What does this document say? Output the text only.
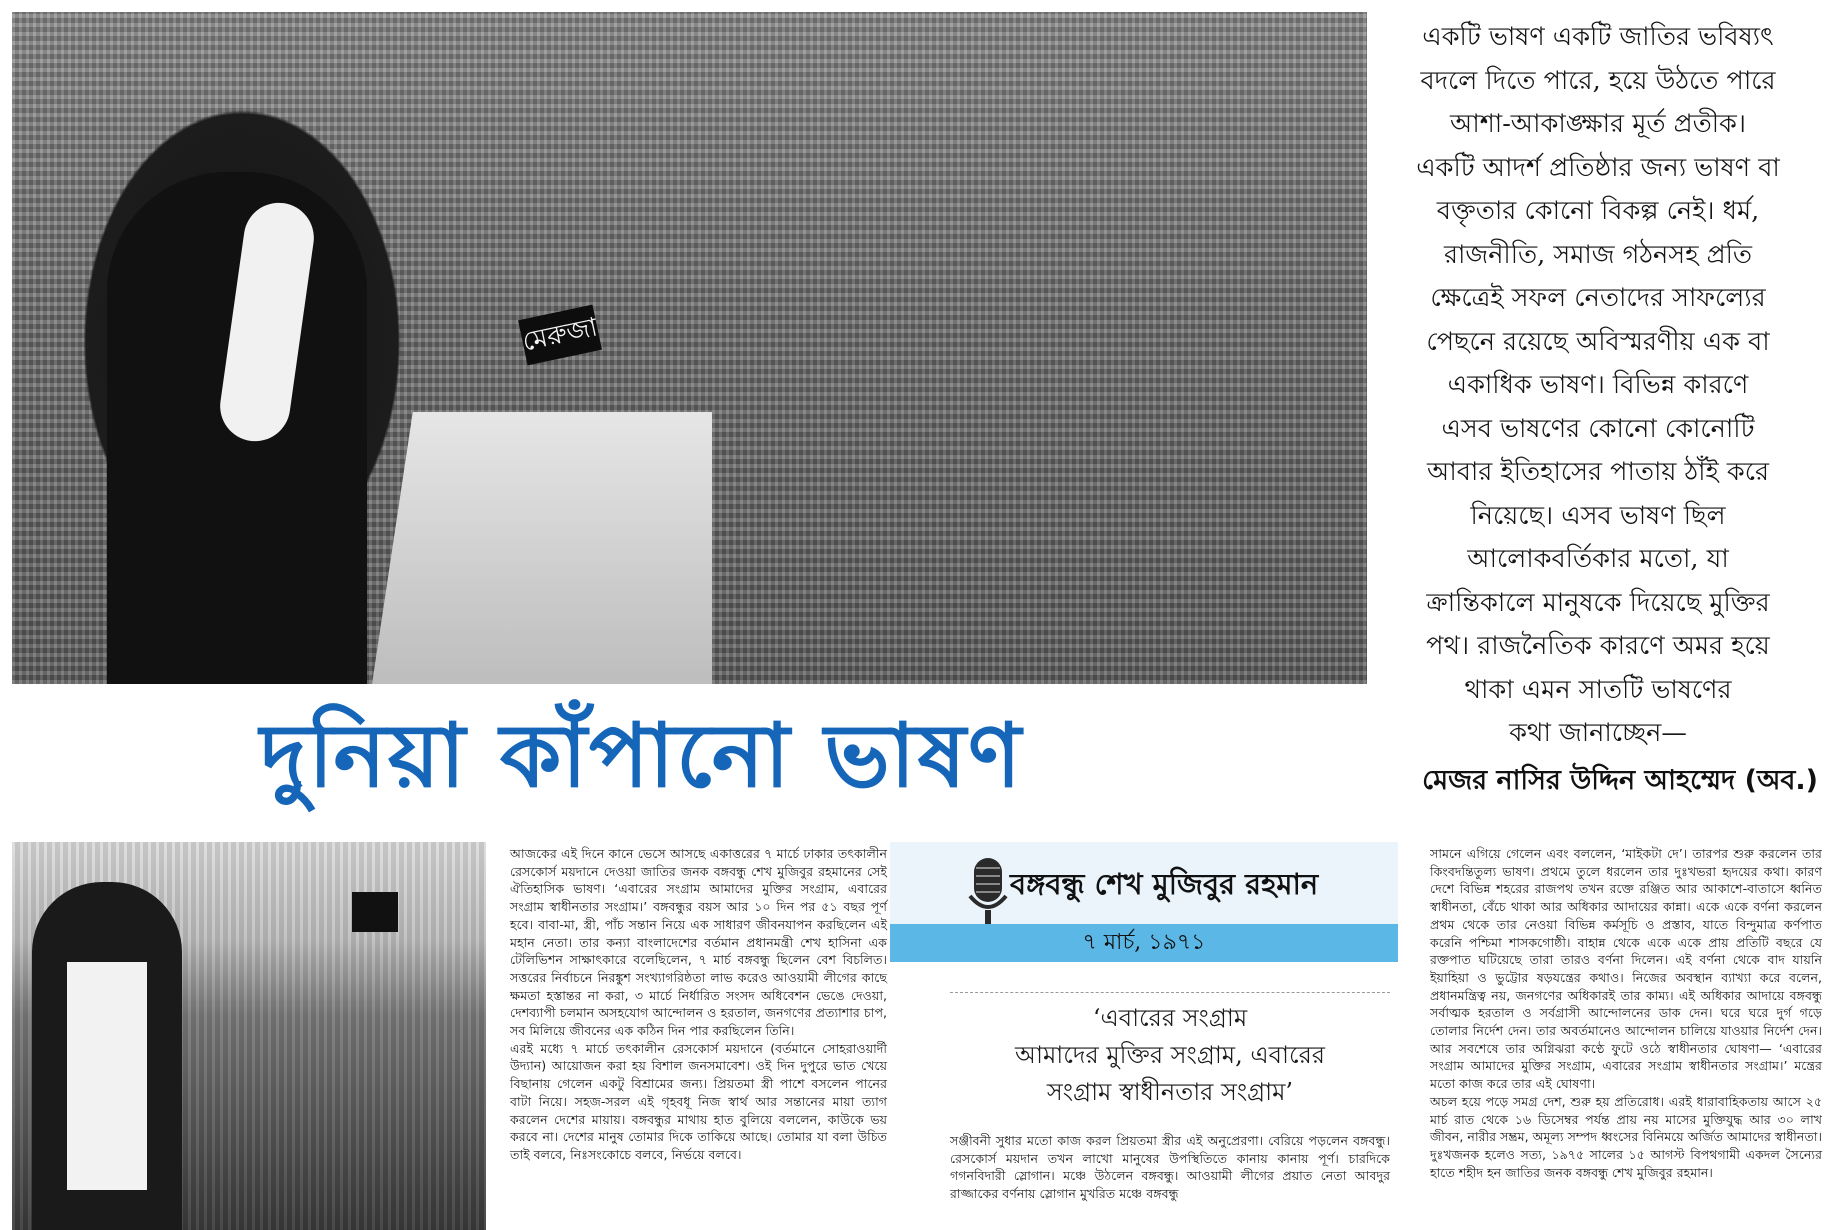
মেরুজা
একটি ভাষণ একটি জাতির ভবিষ্যৎ
বদলে দিতে পারে, হয়ে উঠতে পারে
আশা-আকাঙ্ক্ষার মূর্ত প্রতীক।
একটি আদর্শ প্রতিষ্ঠার জন্য ভাষণ বা
বক্তৃতার কোনো বিকল্প নেই। ধর্ম,
রাজনীতি, সমাজ গঠনসহ প্রতি
ক্ষেত্রেই সফল নেতাদের সাফল্যের
পেছনে রয়েছে অবিস্মরণীয় এক বা
একাধিক ভাষণ। বিভিন্ন কারণে
এসব ভাষণের কোনো কোনোটি
আবার ইতিহাসের পাতায় ঠাঁই করে
নিয়েছে। এসব ভাষণ ছিল
আলোকবর্তিকার মতো, যা
ক্রান্তিকালে মানুষকে দিয়েছে মুক্তির
পথ। রাজনৈতিক কারণে অমর হয়ে
থাকা এমন সাতটি ভাষণের
কথা জানাচ্ছেন—
মেজর নাসির উদ্দিন আহম্মেদ (অব.)
দুনিয়া কাঁপানো ভাষণ

আজকের এই দিনে কানে ভেসে আসছে একাত্তরের ৭ মার্চে ঢাকার তৎকালীন রেসকোর্স ময়দানে দেওয়া জাতির জনক বঙ্গবন্ধু শেখ মুজিবুর রহমানের সেই ঐতিহাসিক ভাষণ। ‘এবারের সংগ্রাম আমাদের মুক্তির সংগ্রাম, এবারের সংগ্রাম স্বাধীনতার সংগ্রাম।’ বঙ্গবন্ধুর বয়স আর ১০ দিন পর ৫১ বছর পূর্ণ হবে। বাবা-মা, স্ত্রী, পাঁচ সন্তান নিয়ে এক সাধারণ জীবনযাপন করছিলেন এই মহান নেতা। তার কন্যা বাংলাদেশের বর্তমান প্রধানমন্ত্রী শেখ হাসিনা এক টেলিভিশন সাক্ষাৎকারে বলেছিলেন, ৭ মার্চ বঙ্গবন্ধু ছিলেন বেশ বিচলিত। সত্তরের নির্বাচনে নিরঙ্কুশ সংখ্যাগরিষ্ঠতা লাভ করেও আওয়ামী লীগের কাছে ক্ষমতা হস্তান্তর না করা, ৩ মার্চে নির্ধারিত সংসদ অধিবেশন ভেঙে দেওয়া, দেশব্যাপী চলমান অসহযোগ আন্দোলন ও হরতাল, জনগণের প্রত্যাশার চাপ, সব মিলিয়ে জীবনের এক কঠিন দিন পার করছিলেন তিনি।

এরই মধ্যে ৭ মার্চে তৎকালীন রেসকোর্স ময়দানে (বর্তমানে সোহরাওয়ার্দী উদ্যান) আয়োজন করা হয় বিশাল জনসমাবেশ। ওই দিন দুপুরে ভাত খেয়ে বিছানায় গেলেন একটু বিশ্রামের জন্য। প্রিয়তমা স্ত্রী পাশে বসলেন পানের বাটা নিয়ে। সহজ-সরল এই গৃহবধূ নিজ স্বার্থ আর সন্তানের মায়া ত্যাগ করলেন দেশের মায়ায়। বঙ্গবন্ধুর মাথায় হাত বুলিয়ে বললেন, কাউকে ভয় করবে না। দেশের মানুষ তোমার দিকে তাকিয়ে আছে। তোমার যা বলা উচিত তাই বলবে, নিঃসংকোচে বলবে, নির্ভয়ে বলবে।

বঙ্গবন্ধু শেখ মুজিবুর রহমান
৭ মার্চ, ১৯৭১
‘এবারের সংগ্রাম
আমাদের মুক্তির সংগ্রাম, এবারের
সংগ্রাম স্বাধীনতার সংগ্রাম’

সঞ্জীবনী সুধার মতো কাজ করল প্রিয়তমা স্ত্রীর এই অনুপ্রেরণা। বেরিয়ে পড়লেন বঙ্গবন্ধু। রেসকোর্স ময়দান তখন লাখো মানুষের উপস্থিতিতে কানায় কানায় পূর্ণ। চারদিকে গগনবিদারী স্লোগান। মঞ্চে উঠলেন বঙ্গবন্ধু। আওয়ামী লীগের প্রয়াত নেতা আবদুর রাজ্জাকের বর্ণনায় স্লোগান মুখরিত মঞ্চে বঙ্গবন্ধু

সামনে এগিয়ে গেলেন এবং বললেন, ‘মাইকটা দে’। তারপর শুরু করলেন তার কিংবদন্তিতুল্য ভাষণ। প্রথমে তুলে ধরলেন তার দুঃখভরা হৃদয়ের কথা। কারণ দেশে বিভিন্ন শহরের রাজপথ তখন রক্তে রঞ্জিত আর আকাশে-বাতাসে ধ্বনিত স্বাধীনতা, বেঁচে থাকা আর অধিকার আদায়ের কান্না। একে একে বর্ণনা করলেন প্রথম থেকে তার নেওয়া বিভিন্ন কর্মসূচি ও প্রস্তাব, যাতে বিন্দুমাত্র কর্ণপাত করেনি পশ্চিমা শাসকগোষ্ঠী। বাহান্ন থেকে একে একে প্রায় প্রতিটি বছরে যে রক্তপাত ঘটিয়েছে তারা তারও বর্ণনা দিলেন। এই বর্ণনা থেকে বাদ যায়নি ইয়াহিয়া ও ভুট্টোর ষড়যন্ত্রের কথাও। নিজের অবস্থান ব্যাখ্যা করে বলেন, প্রধানমন্ত্রিত্ব নয়, জনগণের অধিকারই তার কাম্য। এই অধিকার আদায়ে বঙ্গবন্ধু সর্বাত্মক হরতাল ও সর্বগ্রাসী আন্দোলনের ডাক দেন। ঘরে ঘরে দুর্গ গড়ে তোলার নির্দেশ দেন। তার অবর্তমানেও আন্দোলন চালিয়ে যাওয়ার নির্দেশ দেন। আর সবশেষে তার অগ্নিঝরা কণ্ঠে ফুটে ওঠে স্বাধীনতার ঘোষণা— ‘এবারের সংগ্রাম আমাদের মুক্তির সংগ্রাম, এবারের সংগ্রাম স্বাধীনতার সংগ্রাম।’ মন্ত্রের মতো কাজ করে তার এই ঘোষণা।

অচল হয়ে পড়ে সমগ্র দেশ, শুরু হয় প্রতিরোধ। এরই ধারাবাহিকতায় আসে ২৫ মার্চ রাত থেকে ১৬ ডিসেম্বর পর্যন্ত প্রায় নয় মাসের মুক্তিযুদ্ধ আর ৩০ লাখ জীবন, নারীর সম্ভ্রম, অমূল্য সম্পদ ধ্বংসের বিনিময়ে অর্জিত আমাদের স্বাধীনতা। দুঃখজনক হলেও সত্য, ১৯৭৫ সালের ১৫ আগস্ট বিপথগামী একদল সৈন্যের হাতে শহীদ হন জাতির জনক বঙ্গবন্ধু শেখ মুজিবুর রহমান।
